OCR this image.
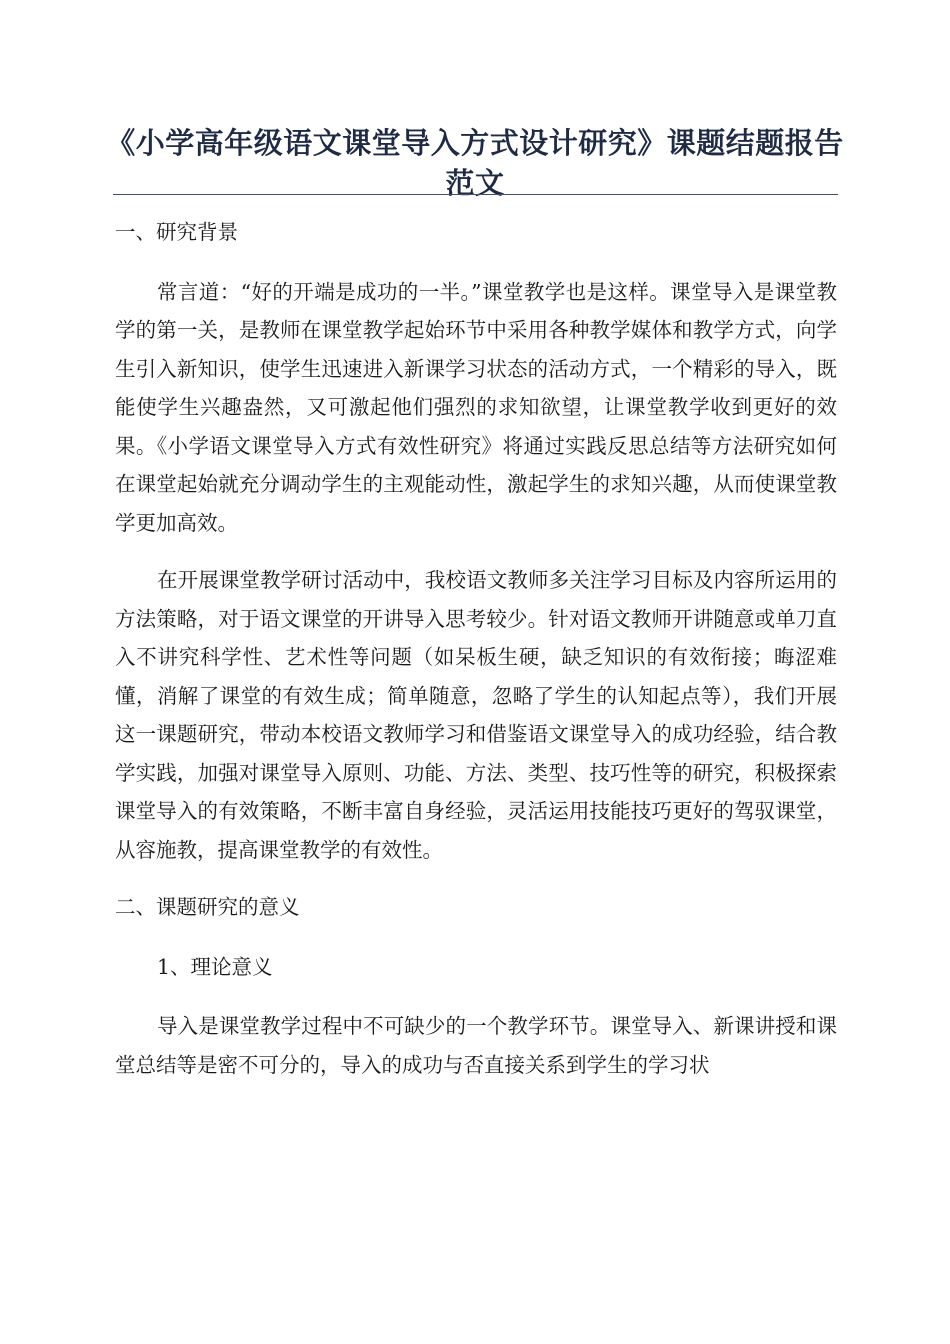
《小学高年级语文课堂导入方式设计研究》课题结题报告范文
一、研究背景

常言道：“好的开端是成功的一半。”课堂教学也是这样。课堂导入是课堂教学的第一关，是教师在课堂教学起始环节中采用各种教学媒体和教学方式，向学生引入新知识，使学生迅速进入新课学习状态的活动方式，一个精彩的导入，既能使学生兴趣盎然，又可激起他们强烈的求知欲望，让课堂教学收到更好的效果。《小学语文课堂导入方式有效性研究》将通过实践反思总结等方法研究如何在课堂起始就充分调动学生的主观能动性，激起学生的求知兴趣，从而使课堂教学更加高效。

在开展课堂教学研讨活动中，我校语文教师多关注学习目标及内容所运用的方法策略，对于语文课堂的开讲导入思考较少。针对语文教师开讲随意或单刀直入不讲究科学性、艺术性等问题（如呆板生硬，缺乏知识的有效衔接；晦涩难懂，消解了课堂的有效生成；简单随意，忽略了学生的认知起点等），我们开展这一课题研究，带动本校语文教师学习和借鉴语文课堂导入的成功经验，结合教学实践，加强对课堂导入原则、功能、方法、类型、技巧性等的研究，积极探索课堂导入的有效策略，不断丰富自身经验，灵活运用技能技巧更好的驾驭课堂，从容施教，提高课堂教学的有效性。

二、课题研究的意义
1、理论意义

导入是课堂教学过程中不可缺少的一个教学环节。课堂导入、新课讲授和课堂总结等是密不可分的，导入的成功与否直接关系到学生的学习状
